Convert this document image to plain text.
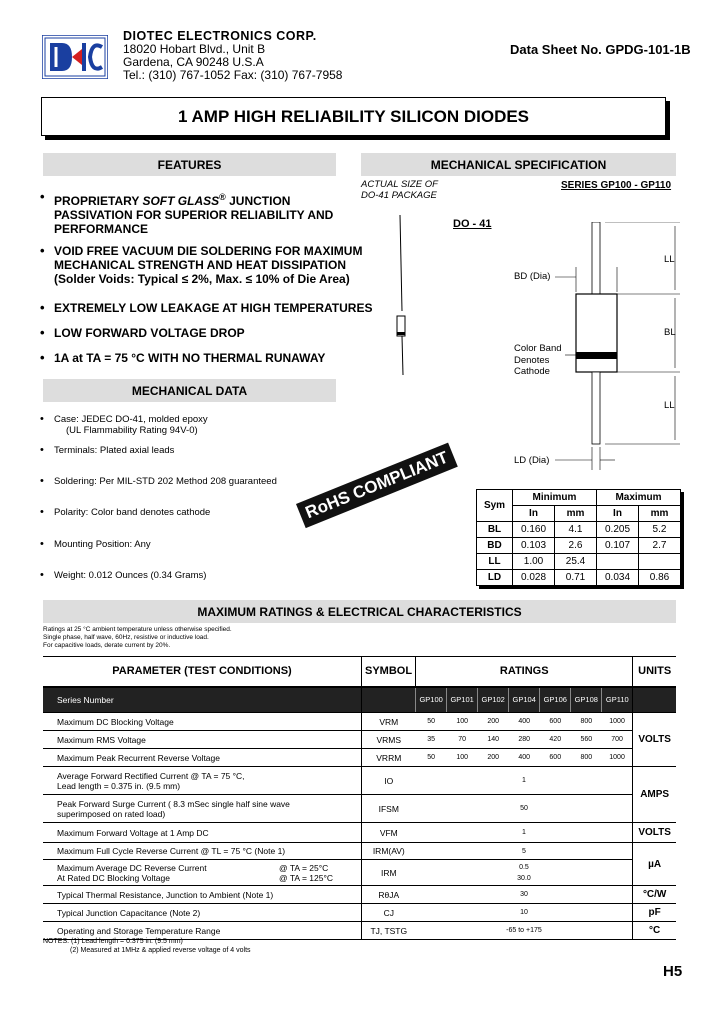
DIOTEC ELECTRONICS CORP.
18020 Hobart Blvd., Unit B
Gardena, CA 90248 U.S.A
Tel.: (310) 767-1052 Fax: (310) 767-7958
Data Sheet No. GPDG-101-1B
1 AMP HIGH RELIABILITY SILICON DIODES
FEATURES
• PROPRIETARY SOFT GLASS® JUNCTION
PASSIVATION FOR SUPERIOR RELIABILITY AND
PERFORMANCE
• VOID FREE VACUUM DIE SOLDERING FOR MAXIMUM
MECHANICAL STRENGTH AND HEAT DISSIPATION
(Solder Voids: Typical ≤ 2%, Max. ≤ 10% of Die Area)
• EXTREMELY LOW LEAKAGE AT HIGH TEMPERATURES
• LOW FORWARD VOLTAGE DROP
• 1A at TA = 75 °C WITH NO THERMAL RUNAWAY
MECHANICAL DATA
• Case: JEDEC DO-41, molded epoxy
(UL Flammability Rating 94V-0)
• Terminals: Plated axial leads
• Soldering: Per MIL-STD 202 Method 208 guaranteed
• Polarity: Color band denotes cathode
• Mounting Position: Any
• Weight: 0.012 Ounces (0.34 Grams)
MECHANICAL SPECIFICATION
ACTUAL SIZE OF
DO-41 PACKAGE
SERIES GP100 - GP110
DO - 41
BD (Dia)
LL
BL
LL
Color Band
Denotes
Cathode
LD (Dia)
RoHS COMPLIANT	Sym	Minimum		Maximum	
	In	mm	In	mm
BL	0.160	4.1	0.205	5.2
BD	0.103	2.6	0.107	2.7
LL	1.00	25.4		
LD	0.028	0.71	0.034	0.86
MAXIMUM RATINGS & ELECTRICAL CHARACTERISTICS
Ratings at 25 °C ambient temperature unless otherwise specified.
Single phase, half wave, 60Hz, resistive or inductive load.
For capacitive loads, derate current by 20%.
PARAMETER (TEST CONDITIONS)	SYMBOL	RATINGS							UNITS
Series Number		GP100	GP101	GP102	GP104	GP106	GP108	GP110	
Maximum DC Blocking Voltage	VRM	50	100	200	400	600	800	1000	VOLTS
Maximum RMS Voltage	VRMS	35	70	140	280	420	560	700	
Maximum Peak Recurrent Reverse Voltage	VRRM	50	100	200	400	600	800	1000	
Average Forward Rectified Current @ TA = 75 °C,
Lead length = 0.375 in. (9.5 mm)	IO	1							AMPS
Peak Forward Surge Current ( 8.3 mSec single half sine wave
superimposed on rated load)	IFSM	50							
Maximum Forward Voltage at 1 Amp DC	VFM	1							VOLTS
Maximum Full Cycle Reverse Current @ TL = 75 °C (Note 1)	IRM(AV)	5							µA
Maximum Average DC Reverse Current @ TA = 25°C

At Rated DC Blocking Voltage @ TA = 125°C	IRM	0.5
30.0							
Typical Thermal Resistance, Junction to Ambient (Note 1)	RθJA	30							°C/W
Typical Junction Capacitance (Note 2)	CJ	10							pF
Operating and Storage Temperature Range	TJ, TSTG	-65 to +175							°C
NOTES: (1) Lead length = 0.375 in. (9.5 mm)
(2) Measured at 1MHz & applied reverse voltage of 4 volts
H5
